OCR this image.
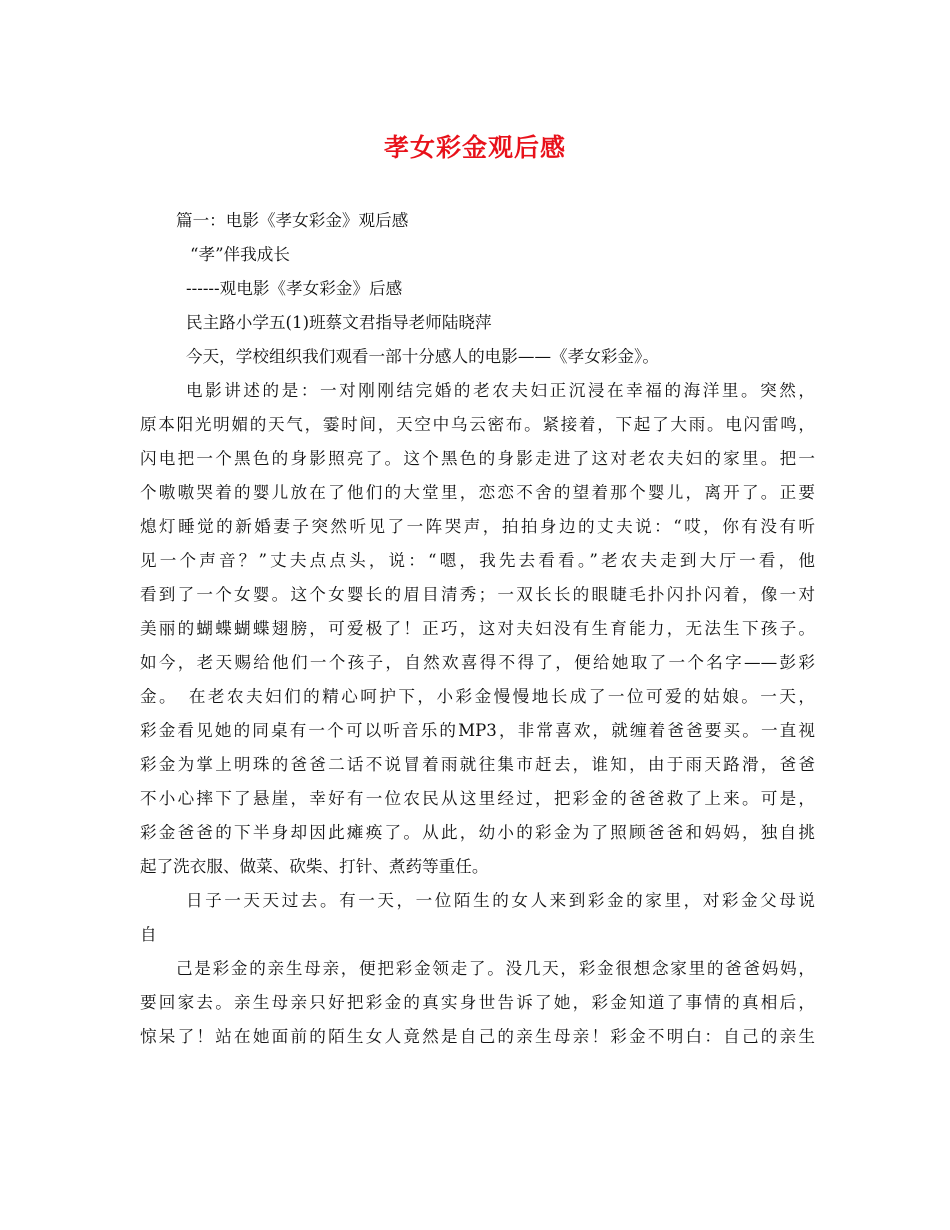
孝女彩金观后感
篇一：电影《孝女彩金》观后感
“孝”伴我成长
------观电影《孝女彩金》后感
民主路小学五(1)班蔡文君指导老师陆晓萍
今天，学校组织我们观看一部十分感人的电影——《孝女彩金》。
电影讲述的是：一对刚刚结完婚的老农夫妇正沉浸在幸福的海洋里。突然，
原本阳光明媚的天气，霎时间，天空中乌云密布。紧接着，下起了大雨。电闪雷鸣，
闪电把一个黑色的身影照亮了。这个黑色的身影走进了这对老农夫妇的家里。把一
个嗷嗷哭着的婴儿放在了他们的大堂里，恋恋不舍的望着那个婴儿，离开了。正要
熄灯睡觉的新婚妻子突然听见了一阵哭声，拍拍身边的丈夫说：“哎，你有没有听
见一个声音？”丈夫点点头，说：“嗯，我先去看看。”老农夫走到大厅一看，他
看到了一个女婴。这个女婴长的眉目清秀；一双长长的眼睫毛扑闪扑闪着，像一对
美丽的蝴蝶蝴蝶翅膀，可爱极了！正巧，这对夫妇没有生育能力，无法生下孩子。
如今，老天赐给他们一个孩子，自然欢喜得不得了，便给她取了一个名字——彭彩
金。　在老农夫妇们的精心呵护下，小彩金慢慢地长成了一位可爱的姑娘。一天，
彩金看见她的同桌有一个可以听音乐的MP3，非常喜欢，就缠着爸爸要买。一直视
彩金为掌上明珠的爸爸二话不说冒着雨就往集市赶去，谁知，由于雨天路滑，爸爸
不小心摔下了悬崖，幸好有一位农民从这里经过，把彩金的爸爸救了上来。可是，
彩金爸爸的下半身却因此瘫痪了。从此，幼小的彩金为了照顾爸爸和妈妈，独自挑
起了洗衣服、做菜、砍柴、打针、煮药等重任。
日子一天天过去。有一天，一位陌生的女人来到彩金的家里，对彩金父母说
自
己是彩金的亲生母亲，便把彩金领走了。没几天，彩金很想念家里的爸爸妈妈，
要回家去。亲生母亲只好把彩金的真实身世告诉了她，彩金知道了事情的真相后，
惊呆了！站在她面前的陌生女人竟然是自己的亲生母亲！彩金不明白：自己的亲生
